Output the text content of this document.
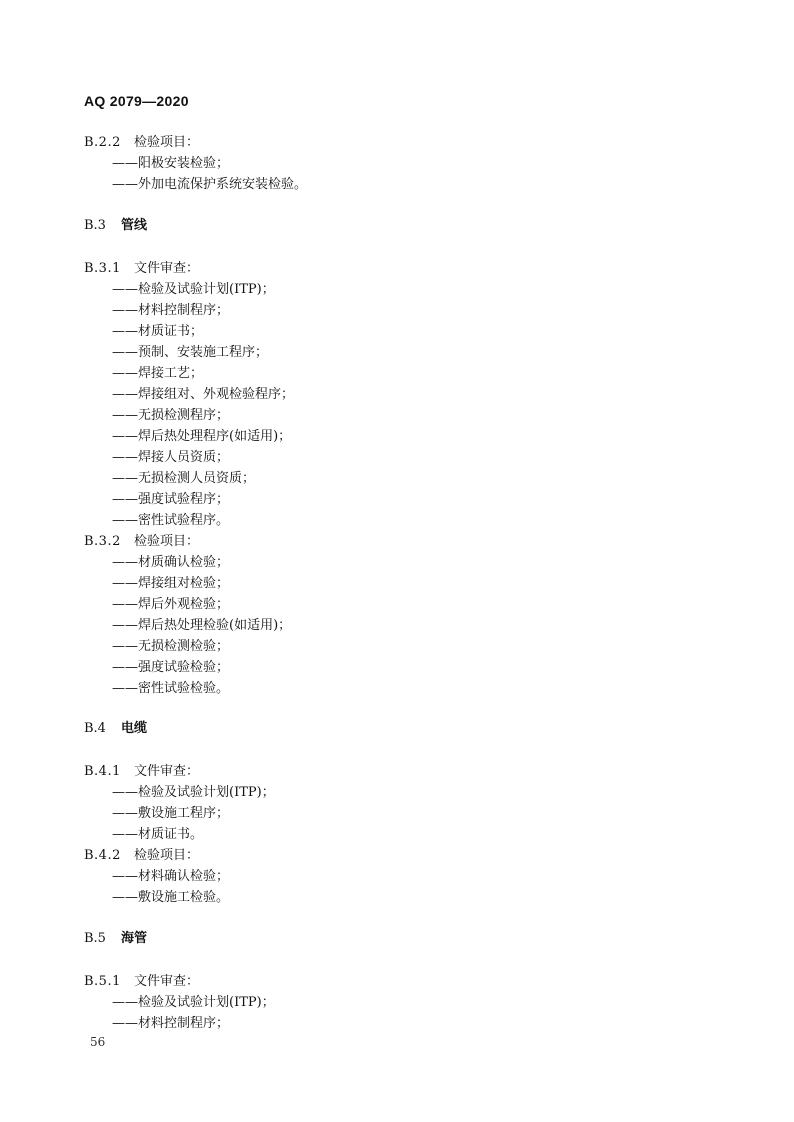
AQ 2079—2020
B.2.2 检验项目：
——阳极安装检验；
——外加电流保护系统安装检验。
B.3 管线
B.3.1 文件审查：
——检验及试验计划(ITP)；
——材料控制程序；
——材质证书；
——预制、安装施工程序；
——焊接工艺；
——焊接组对、外观检验程序；
——无损检测程序；
——焊后热处理程序(如适用)；
——焊接人员资质；
——无损检测人员资质；
——强度试验程序；
——密性试验程序。
B.3.2 检验项目：
——材质确认检验；
——焊接组对检验；
——焊后外观检验；
——焊后热处理检验(如适用)；
——无损检测检验；
——强度试验检验；
——密性试验检验。
B.4 电缆
B.4.1 文件审查：
——检验及试验计划(ITP)；
——敷设施工程序；
——材质证书。
B.4.2 检验项目：
——材料确认检验；
——敷设施工检验。
B.5 海管
B.5.1 文件审查：
——检验及试验计划(ITP)；
——材料控制程序；
56
